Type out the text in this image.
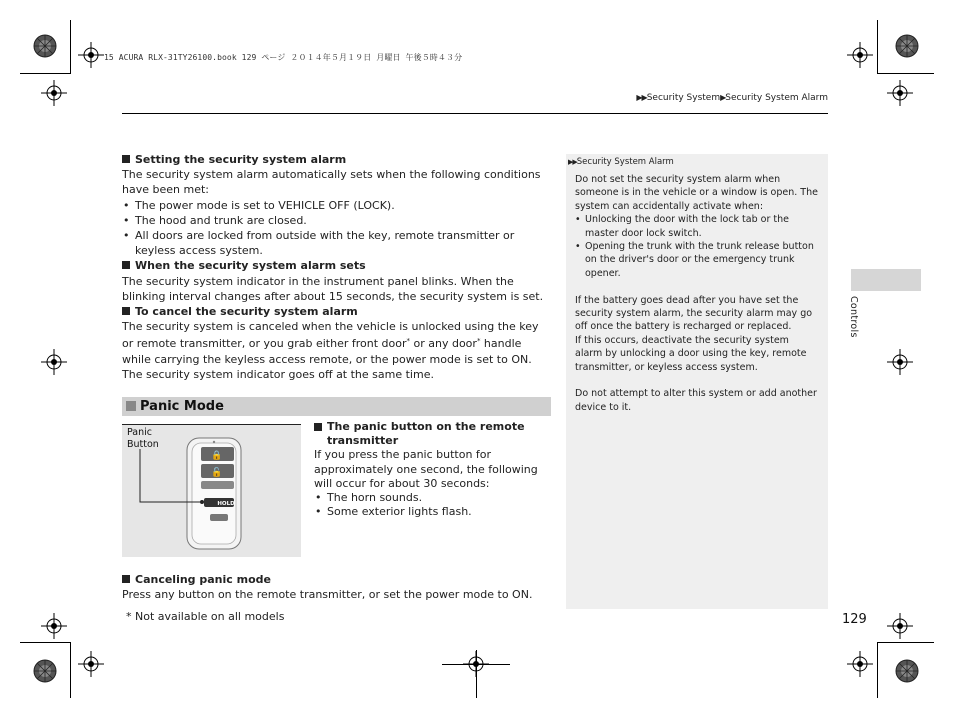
15 ACURA RLX-31TY26100.book 129 ページ ２０１４年５月１９日 月曜日 午後５時４３分
▶▶Security System▶Security System Alarm
Setting the security system alarm

The security system alarm automatically sets when the following conditions have been met:

• The power mode is set to VEHICLE OFF (LOCK).
• The hood and trunk are closed.
• All doors are locked from outside with the key, remote transmitter or keyless access system.
When the security system alarm sets

The security system indicator in the instrument panel blinks. When the blinking interval changes after about 15 seconds, the security system is set.

To cancel the security system alarm

The security system is canceled when the vehicle is unlocked using the key or remote transmitter, or you grab either front door* or any door* handle while carrying the keyless access remote, or the power mode is set to ON. The security system indicator goes off at the same time.

Panic Mode
Panic
Button
🔒
🔓
HOLD
The panic button on the remote transmitter

If you press the panic button for approximately one second, the following will occur for about 30 seconds:

• The horn sounds.
• Some exterior lights flash.
Canceling panic mode

Press any button on the remote transmitter, or set the power mode to ON.

* Not available on all models
▶▶Security System Alarm

Do not set the security system alarm when someone is in the vehicle or a window is open. The system can accidentally activate when:

• Unlocking the door with the lock tab or the master door lock switch.
• Opening the trunk with the trunk release button on the driver's door or the emergency trunk opener.

If the battery goes dead after you have set the security system alarm, the security alarm may go off once the battery is recharged or replaced.

If this occurs, deactivate the security system alarm by unlocking a door using the key, remote transmitter, or keyless access system.

Do not attempt to alter this system or add another device to it.

Controls
129
